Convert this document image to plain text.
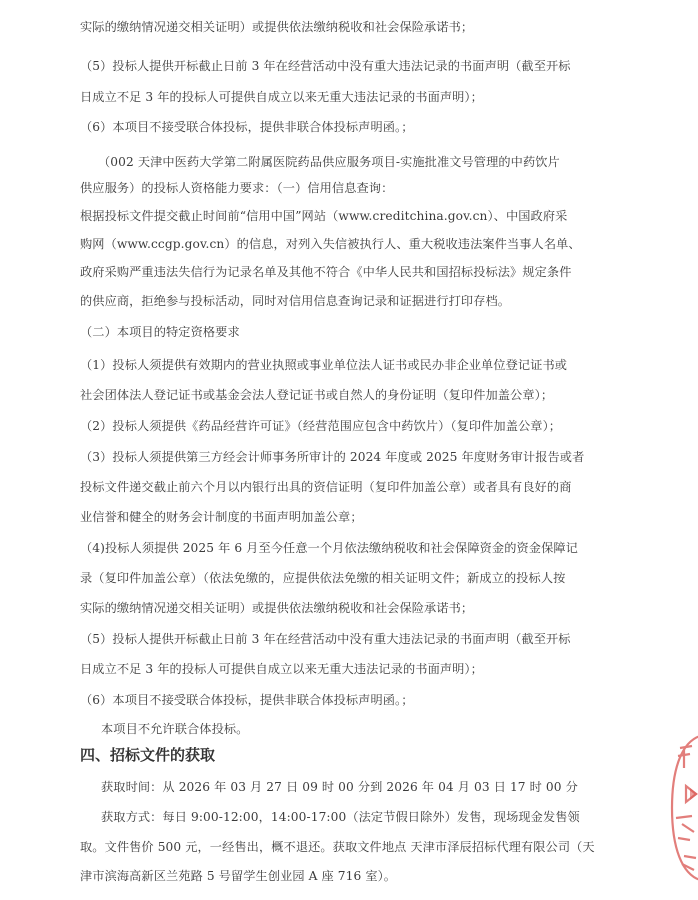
实际的缴纳情况递交相关证明）或提供依法缴纳税收和社会保险承诺书；
（5）投标人提供开标截止日前 3 年在经营活动中没有重大违法记录的书面声明（截至开标
日成立不足 3 年的投标人可提供自成立以来无重大违法记录的书面声明）；
（6）本项目不接受联合体投标，提供非联合体投标声明函。；
（002 天津中医药大学第二附属医院药品供应服务项目-实施批准文号管理的中药饮片
供应服务）的投标人资格能力要求：（一）信用信息查询：
根据投标文件提交截止时间前“信用中国”网站（www.creditchina.gov.cn）、中国政府采
购网（www.ccgp.gov.cn）的信息，对列入失信被执行人、重大税收违法案件当事人名单、
政府采购严重违法失信行为记录名单及其他不符合《中华人民共和国招标投标法》规定条件
的供应商，拒绝参与投标活动，同时对信用信息查询记录和证据进行打印存档。
（二）本项目的特定资格要求
（1）投标人须提供有效期内的营业执照或事业单位法人证书或民办非企业单位登记证书或
社会团体法人登记证书或基金会法人登记证书或自然人的身份证明（复印件加盖公章）；
（2）投标人须提供《药品经营许可证》（经营范围应包含中药饮片）（复印件加盖公章）；
（3）投标人须提供第三方经会计师事务所审计的 2024 年度或 2025 年度财务审计报告或者
投标文件递交截止前六个月以内银行出具的资信证明（复印件加盖公章）或者具有良好的商
业信誉和健全的财务会计制度的书面声明加盖公章；
（4)投标人须提供 2025 年 6 月至今任意一个月依法缴纳税收和社会保障资金的资金保障记
录（复印件加盖公章）（依法免缴的，应提供依法免缴的相关证明文件；新成立的投标人按
实际的缴纳情况递交相关证明）或提供依法缴纳税收和社会保险承诺书；
（5）投标人提供开标截止日前 3 年在经营活动中没有重大违法记录的书面声明（截至开标
日成立不足 3 年的投标人可提供自成立以来无重大违法记录的书面声明）；
（6）本项目不接受联合体投标，提供非联合体投标声明函。；
本项目不允许联合体投标。
四、招标文件的获取
获取时间：从 2026 年 03 月 27 日 09 时 00 分到 2026 年 04 月 03 日 17 时 00 分
获取方式：每日 9:00-12:00，14:00-17:00（法定节假日除外）发售，现场现金发售领
取。文件售价 500 元，一经售出，概不退还。获取文件地点 天津市泽辰招标代理有限公司（天
津市滨海高新区兰苑路 5 号留学生创业园 A 座 716 室）。
